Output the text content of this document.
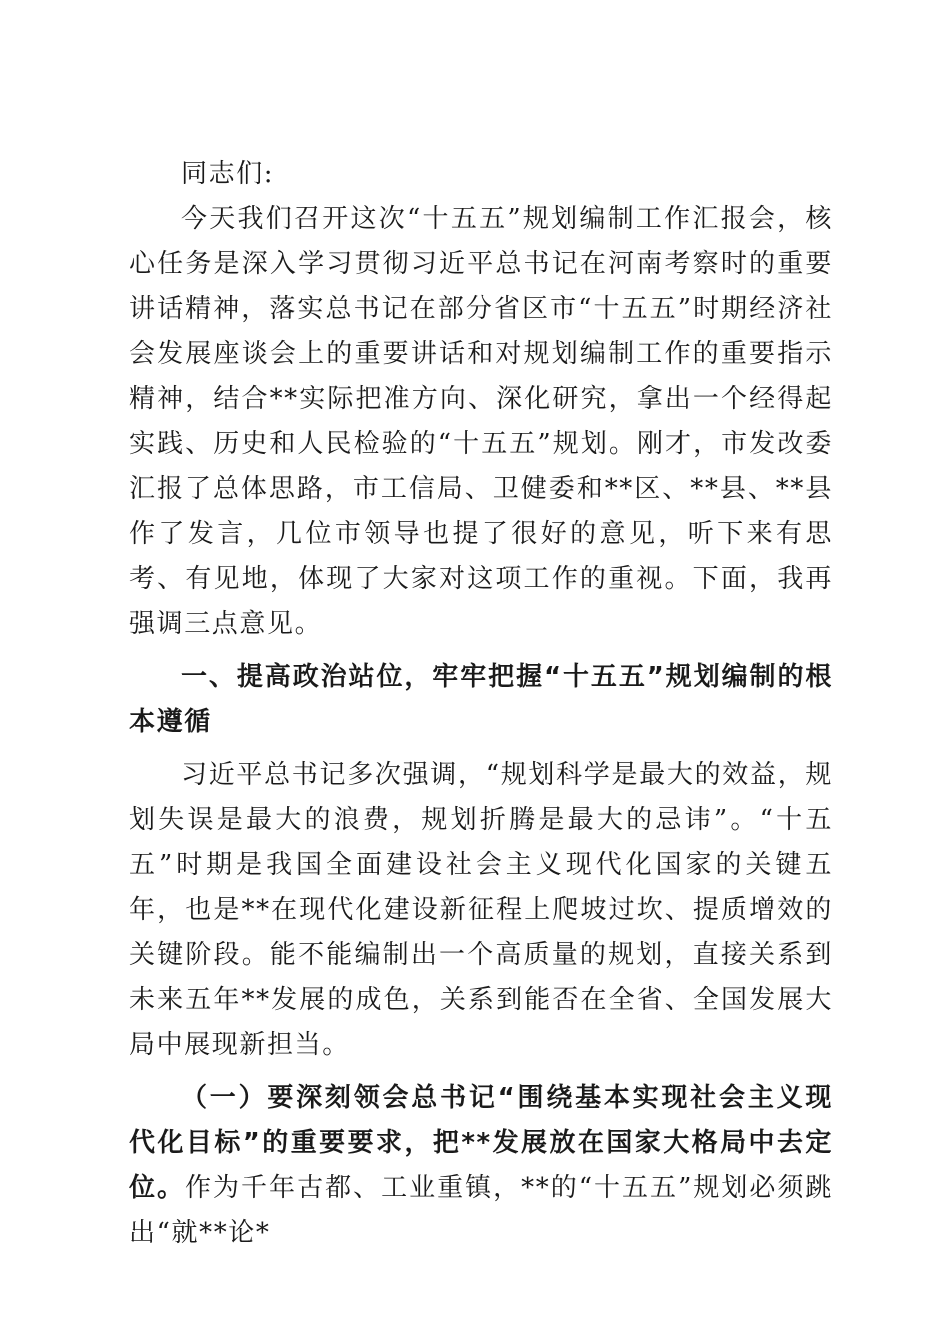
同志们:

今天我们召开这次“十五五”规划编制工作汇报会，核心任务是深入学习贯彻习近平总书记在河南考察时的重要讲话精神，落实总书记在部分省区市“十五五”时期经济社会发展座谈会上的重要讲话和对规划编制工作的重要指示精神，结合**实际把准方向、深化研究，拿出一个经得起实践、历史和人民检验的“十五五”规划。刚才，市发改委汇报了总体思路，市工信局、卫健委和**区、**县、**县作了发言，几位市领导也提了很好的意见，听下来有思考、有见地，体现了大家对这项工作的重视。下面，我再强调三点意见。

一、提高政治站位，牢牢把握“十五五”规划编制的根本遵循

习近平总书记多次强调，“规划科学是最大的效益，规划失误是最大的浪费，规划折腾是最大的忌讳”。“十五五”时期是我国全面建设社会主义现代化国家的关键五年，也是**在现代化建设新征程上爬坡过坎、提质增效的关键阶段。能不能编制出一个高质量的规划，直接关系到未来五年**发展的成色，关系到能否在全省、全国发展大局中展现新担当。

（一）要深刻领会总书记“围绕基本实现社会主义现代化目标”的重要要求，把**发展放在国家大格局中去定位。作为千年古都、工业重镇，**的“十五五”规划必须跳出“就**论*
